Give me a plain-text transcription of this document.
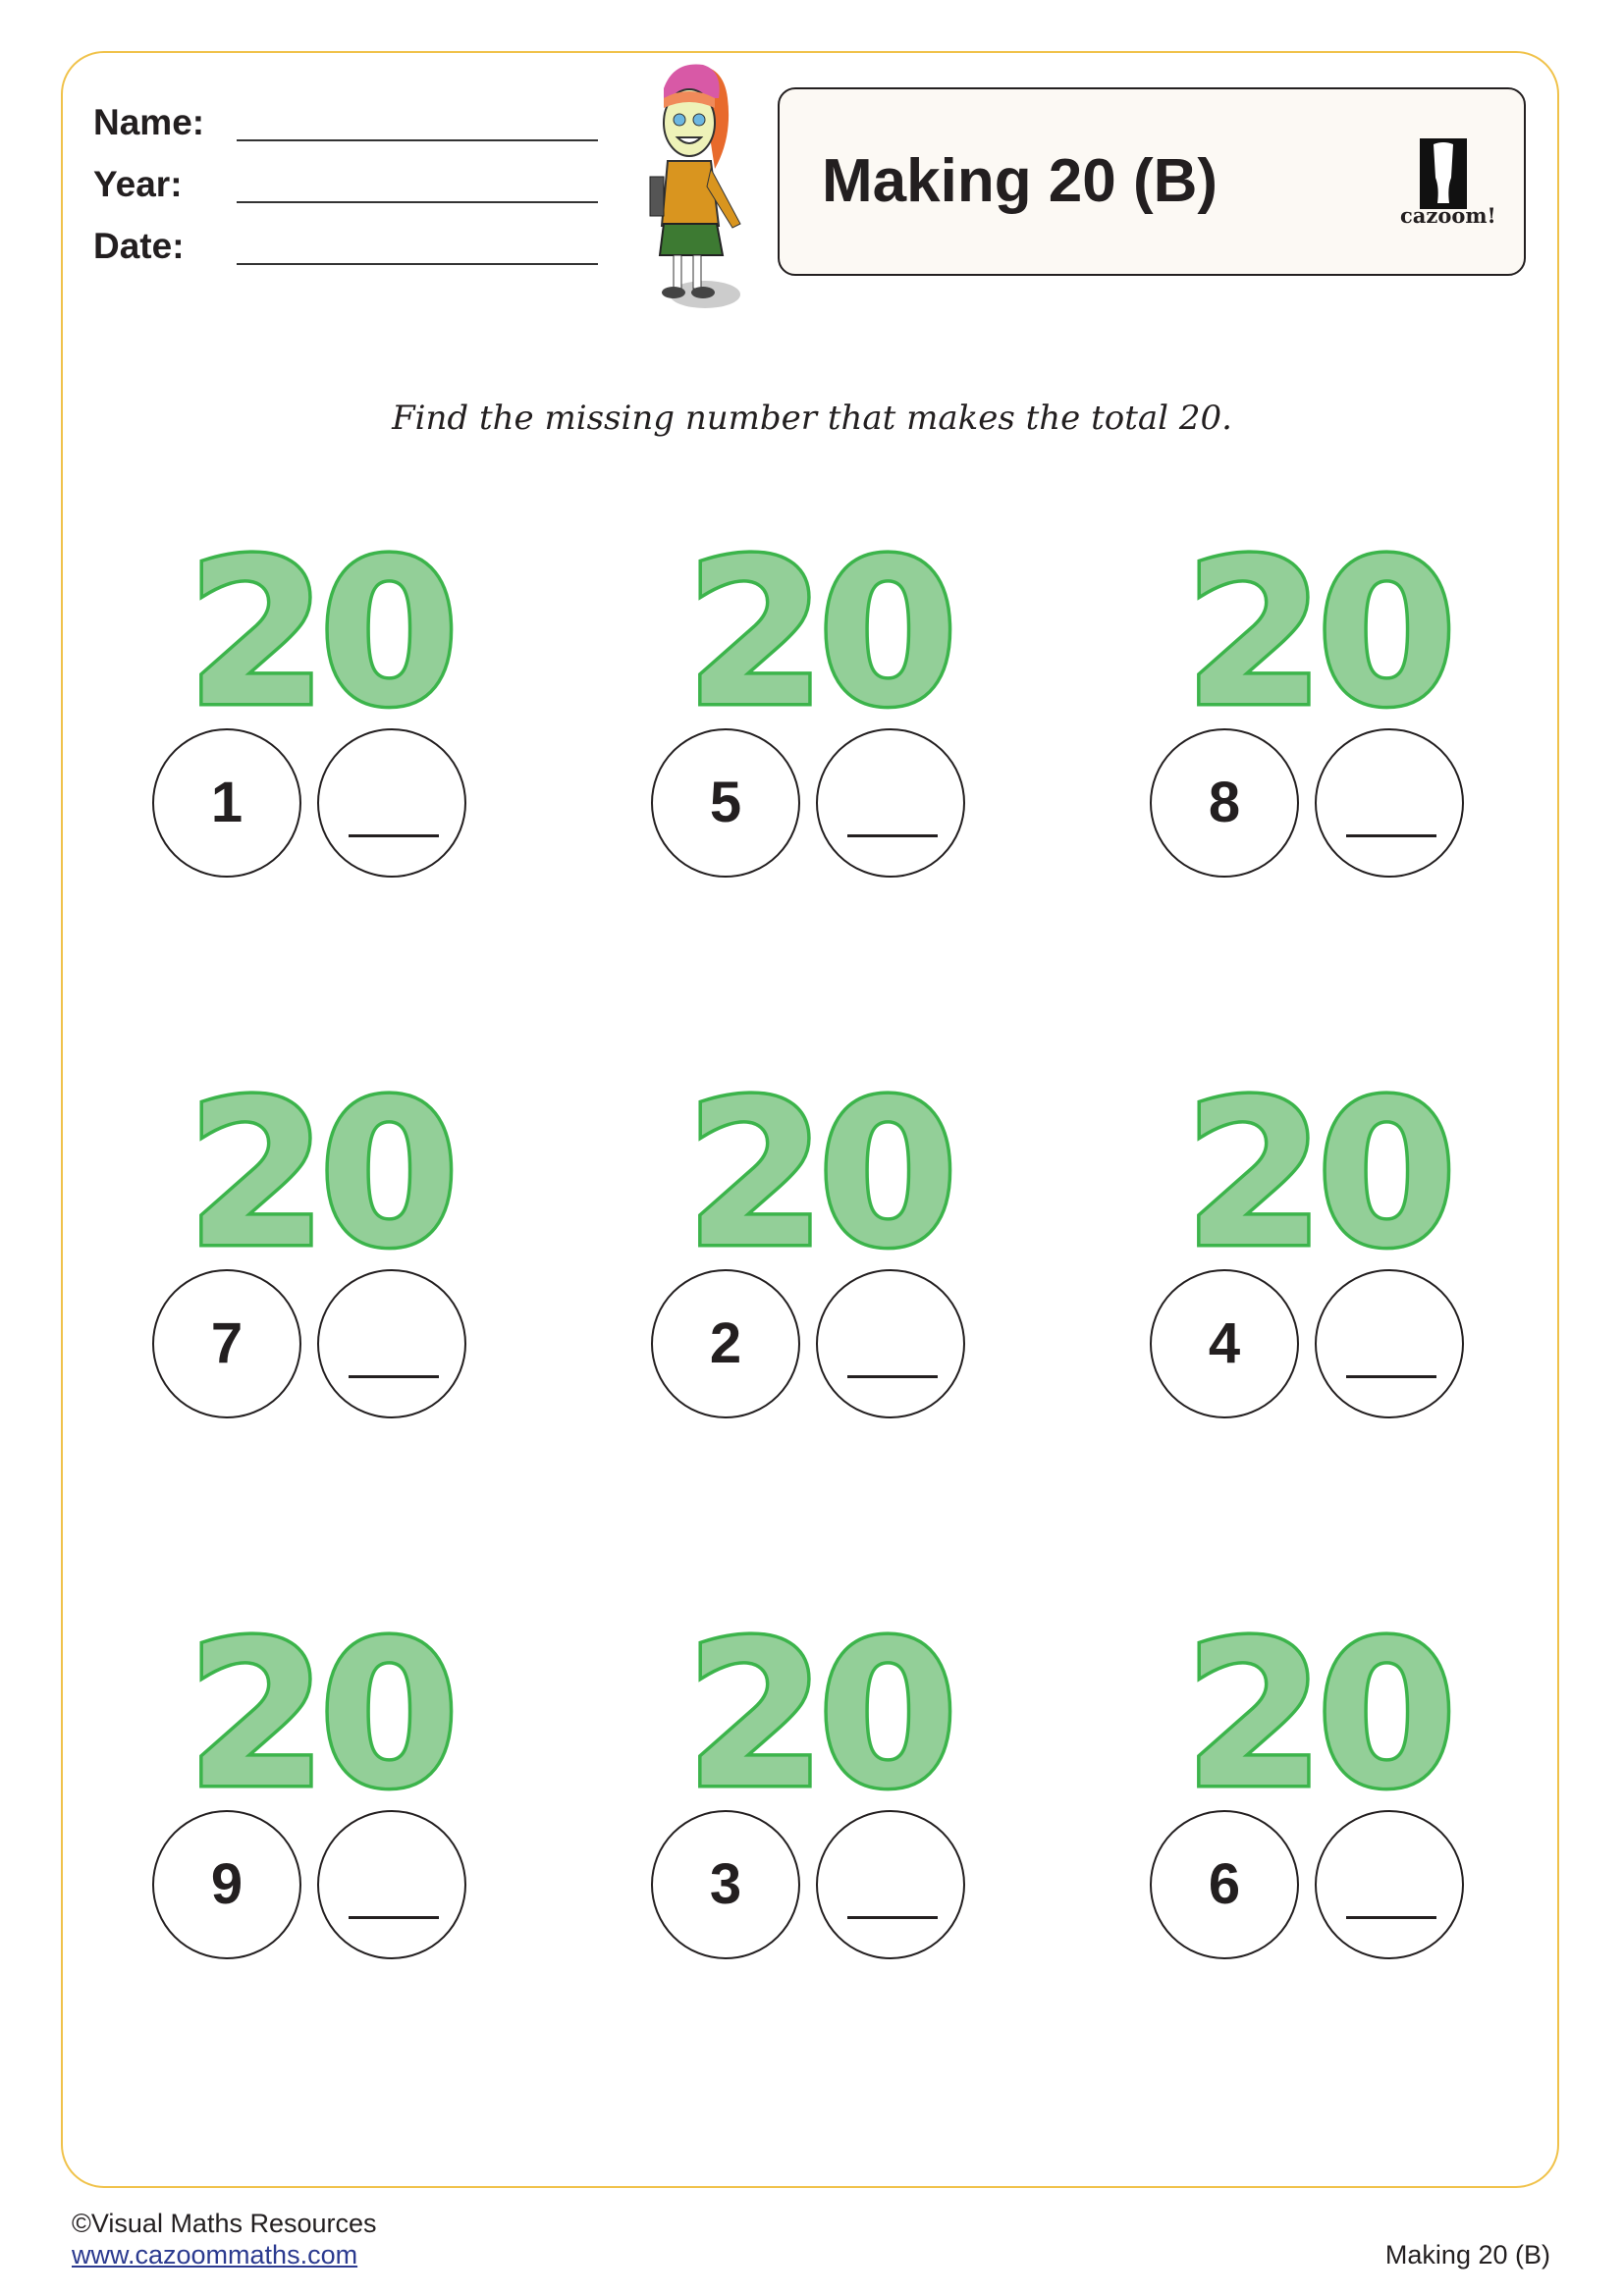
Name:
Year:
Date:
Making 20 (B)
cazoom!
Find the missing number that makes the total 20.
20
1
20
5
20
8
20
7
20
2
20
4
20
9
20
3
20
6
©Visual Maths Resources
www.cazoommaths.com	Making 20 (B)
